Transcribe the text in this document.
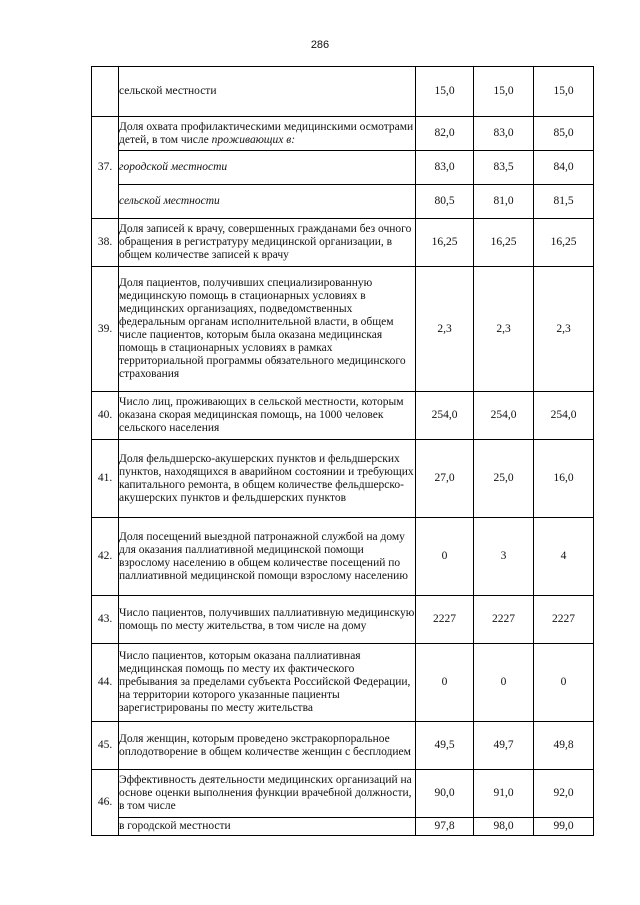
286
	сельской местности	15,0	15,0	15,0
37.	Доля охвата профилактическими медицинскими осмотрами детей, в том числе проживающих в:	82,0	83,0	85,0
	городской местности	83,0	83,5	84,0
	сельской местности	80,5	81,0	81,5
38.	Доля записей к врачу, совершенных гражданами без очного обращения в регистратуру медицинской организации, в общем количестве записей к врачу	16,25	16,25	16,25
39.	Доля пациентов, получивших специализированную медицинскую помощь в стационарных условиях в медицинских организациях, подведомственных федеральным органам исполнительной власти, в общем числе пациентов, которым была оказана медицинская помощь в стационарных условиях в рамках территориальной программы обязательного медицинского страхования	2,3	2,3	2,3
40.	Число лиц, проживающих в сельской местности, которым оказана скорая медицинская помощь, на 1000 человек сельского населения	254,0	254,0	254,0
41.	Доля фельдшерско-акушерских пунктов и фельдшерских пунктов, находящихся в аварийном состоянии и требующих капитального ремонта, в общем количестве фельдшерско-акушерских пунктов и фельдшерских пунктов	27,0	25,0	16,0
42.	Доля посещений выездной патронажной службой на дому для оказания паллиативной медицинской помощи взрослому населению в общем количестве посещений по паллиативной медицинской помощи взрослому населению	0	3	4
43.	Число пациентов, получивших паллиативную медицинскую помощь по месту жительства, в том числе на дому	2227	2227	2227
44.	Число пациентов, которым оказана паллиативная медицинская помощь по месту их фактического пребывания за пределами субъекта Российской Федерации, на территории которого указанные пациенты зарегистрированы по месту жительства	0	0	0
45.	Доля женщин, которым проведено экстракорпоральное оплодотворение в общем количестве женщин с бесплодием	49,5	49,7	49,8
46.	Эффективность деятельности медицинских организаций на основе оценки выполнения функции врачебной должности, в том числе	90,0	91,0	92,0
	в городской местности	97,8	98,0	99,0
